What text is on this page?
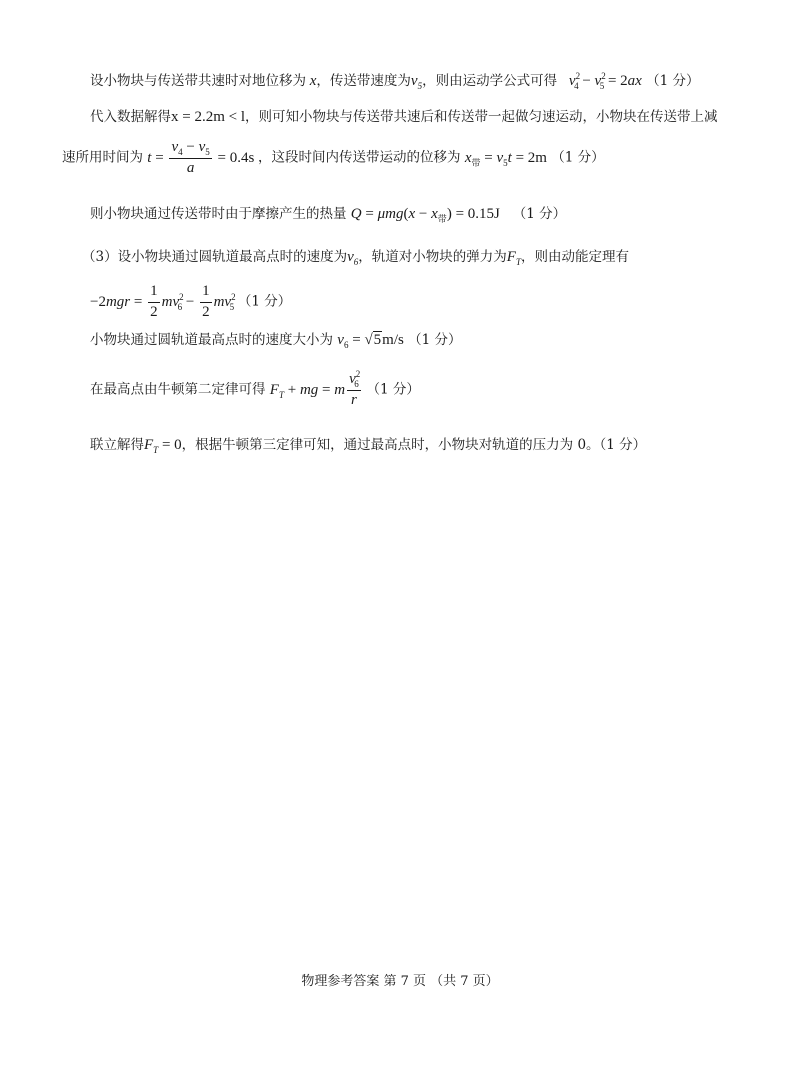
设小物块与传送带共速时对地位移为 x，传送带速度为$v_5$，则由运动学公式可得 $v^2_4 - v^2_5 = 2ax$ （1 分）
代入数据解得x = 2.2m < l，则可知小物块与传送带共速后和传送带一起做匀速运动，小物块在传送带上减
速所用时间为 $t = \frac{v_4 - v_5}{a} = 0.4s$ ，这段时间内传送带运动的位移为 $x_带 = v_5t = 2m$ （1 分）
则小物块通过传送带时由于摩擦产生的热量 $Q = \mu mg(x - x_带) = 0.15J$ （1 分）
（3）设小物块通过圆轨道最高点时的速度为$v_6$，轨道对小物块的弹力为$F_T$，则由动能定理有
$-2mgr = \frac{1}{2} mv^2_6 - \frac{1}{2} mv^2_5$ （1 分）
小物块通过圆轨道最高点时的速度大小为 $v_6 = √5m/s$ （1 分）
在最高点由牛顿第二定律可得 $F_T$ + mg = m $\frac{v^2_6}{r} (1$ 分）
联立解得$F_T = 0$，根据牛顿第三定律可知，通过最高点时，小物块对轨道的压力为 0。（1 分）
物理参考答案 第 7 页 （共 7 页）
